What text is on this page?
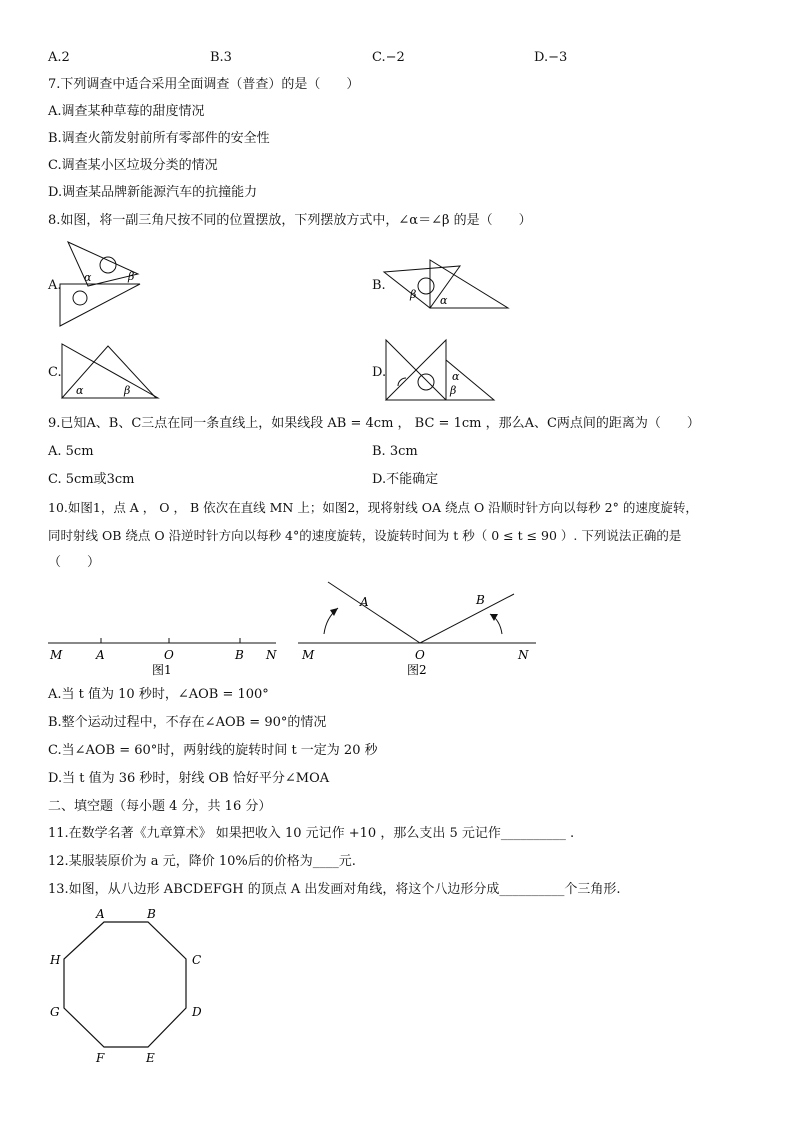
A.2	B.3	C.−2	D.−3
7.下列调查中适合采用全面调查（普查）的是（　　）
A.调查某种草莓的甜度情况
B.调查火箭发射前所有零部件的安全性
C.调查某小区垃圾分类的情况
D.调查某品牌新能源汽车的抗撞能力
8.如图，将一副三角尺按不同的位置摆放，下列摆放方式中，∠α＝∠β 的是（　　）
A.
α	β
B.
β α
C.
α	β
D.	α
β
9.已知A、B、C三点在同一条直线上，如果线段 AB = 4cm ， BC = 1cm ，那么A、C两点间的距离为（　　）
A. 5cm	B. 3cm
C. 5cm或3cm	D.不能确定
10.如图1，点 A ， O ， B 依次在直线 MN 上；如图2，现将射线 OA 绕点 O 沿顺时针方向以每秒 2° 的速度旋转，
同时射线 OB 绕点 O 沿逆时针方向以每秒 4°的速度旋转，设旋转时间为 t 秒（ 0 ≤ t ≤ 90 ）. 下列说法正确的是
（　　）
M	A	O	B N
图1
A	B
M	O	N
图2
A.当 t 值为 10 秒时，∠AOB = 100°
B.整个运动过程中，不存在∠AOB = 90°的情况
C.当∠AOB = 60°时，两射线的旋转时间 t 一定为 20 秒
D.当 t 值为 36 秒时，射线 OB 恰好平分∠MOA
二、填空题（每小题 4 分，共 16 分）
11.在数学名著《九章算术》 如果把收入 10 元记作 +10 ，那么支出 5 元记作__________ .
12.某服装原价为 a 元，降价 10%后的价格为____元.
13.如图，从八边形 ABCDEFGH 的顶点 A 出发画对角线，将这个八边形分成__________个三角形.
A	B
C
D
E
F
G
H
